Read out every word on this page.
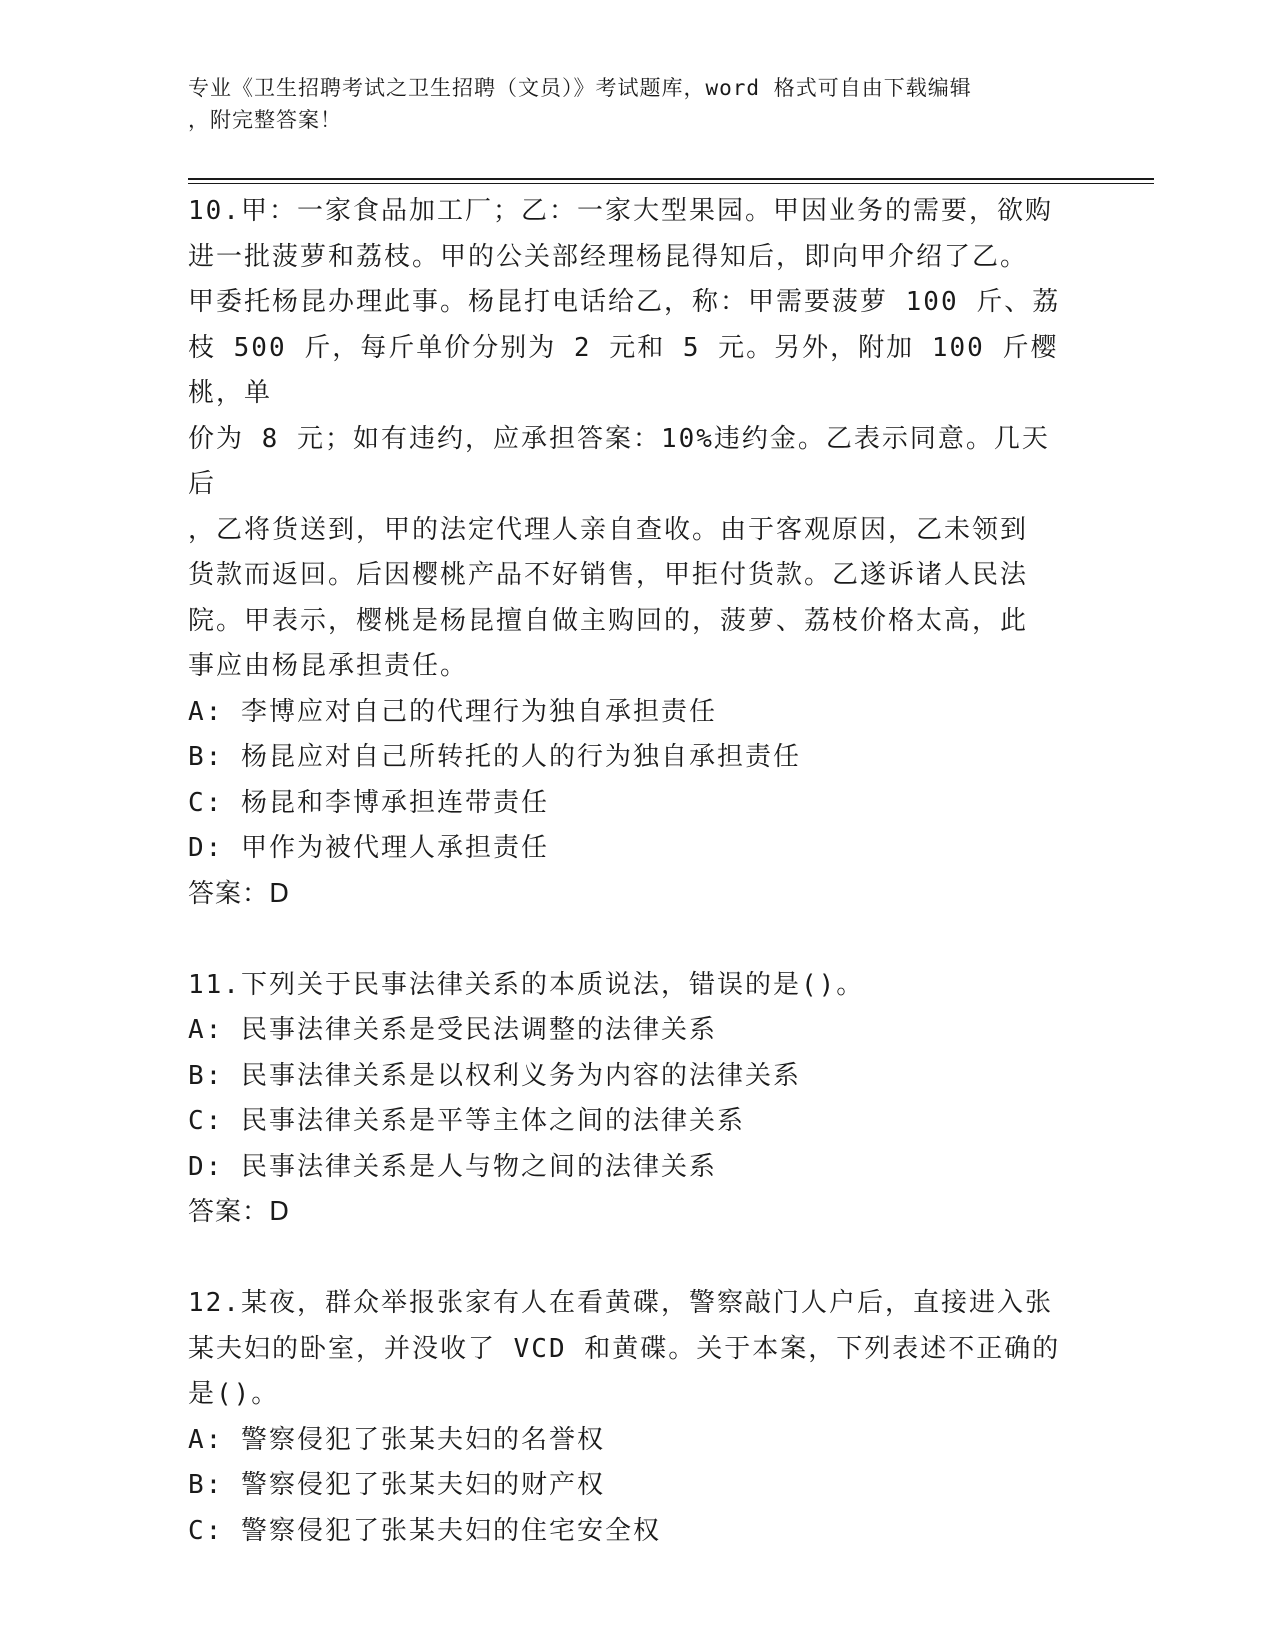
专业《卫生招聘考试之卫生招聘（文员）》考试题库，word 格式可自由下载编辑
，附完整答案！
10.甲：一家食品加工厂；乙：一家大型果园。甲因业务的需要，欲购
进一批菠萝和荔枝。甲的公关部经理杨昆得知后，即向甲介绍了乙。
甲委托杨昆办理此事。杨昆打电话给乙，称：甲需要菠萝 100 斤、荔
枝 500 斤，每斤单价分别为 2 元和 5 元。另外，附加 100 斤樱桃，单
价为 8 元；如有违约，应承担答案：10%违约金。乙表示同意。几天后
，乙将货送到，甲的法定代理人亲自查收。由于客观原因，乙未领到
货款而返回。后因樱桃产品不好销售，甲拒付货款。乙遂诉诸人民法
院。甲表示，樱桃是杨昆擅自做主购回的，菠萝、荔枝价格太高，此
事应由杨昆承担责任。
A: 李博应对自己的代理行为独自承担责任
B: 杨昆应对自己所转托的人的行为独自承担责任
C: 杨昆和李博承担连带责任
D: 甲作为被代理人承担责任
答案：D
11.下列关于民事法律关系的本质说法，错误的是()。
A: 民事法律关系是受民法调整的法律关系
B: 民事法律关系是以权利义务为内容的法律关系
C: 民事法律关系是平等主体之间的法律关系
D: 民事法律关系是人与物之间的法律关系
答案：D
12.某夜，群众举报张家有人在看黄碟，警察敲门人户后，直接进入张
某夫妇的卧室，并没收了 VCD 和黄碟。关于本案，下列表述不正确的
是()。
A: 警察侵犯了张某夫妇的名誉权
B: 警察侵犯了张某夫妇的财产权
C: 警察侵犯了张某夫妇的住宅安全权
